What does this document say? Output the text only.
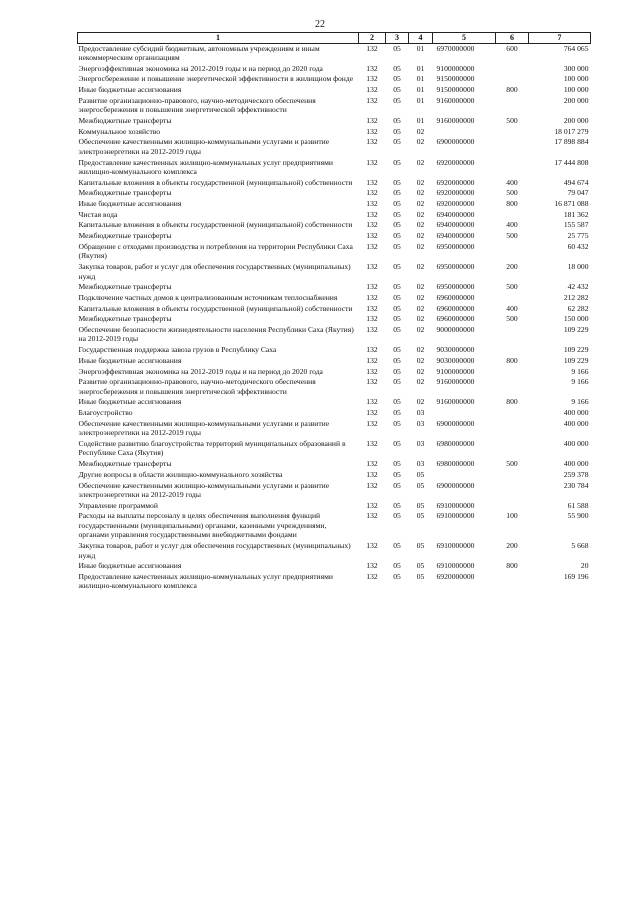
22
1	2	3	4	5	6	7
Предоставление субсидий бюджетным, автономным учреждениям и иным некоммерческим организациям	132	05	01	6970000000	600	764 065
Энергоэффективная экономика на 2012-2019 годы и на период до 2020 года	132	05	01	9100000000		300 000
Энергосбережение и повышение энергетической эффективности в жилищном фонде	132	05	01	9150000000		100 000
Иные бюджетные ассигнования	132	05	01	9150000000	800	100 000
Развитие организационно-правового, научно-методического обеспечения энергосбережения и повышения энергетической эффективности	132	05	01	9160000000		200 000
Межбюджетные трансферты	132	05	01	9160000000	500	200 000
Коммунальное хозяйство	132	05	02			18 017 279
Обеспечение качественными жилищно-коммунальными услугами и развитие электроэнергетики на 2012-2019 годы	132	05	02	6900000000		17 898 884
Предоставление качественных жилищно-коммунальных услуг предприятиями жилищно-коммунального комплекса	132	05	02	6920000000		17 444 808
Капитальные вложения в объекты государственной (муниципальной) собственности	132	05	02	6920000000	400	494 674
Межбюджетные трансферты	132	05	02	6920000000	500	79 047
Иные бюджетные ассигнования	132	05	02	6920000000	800	16 871 088
Чистая вода	132	05	02	6940000000		181 362
Капитальные вложения в объекты государственной (муниципальной) собственности	132	05	02	6940000000	400	155 587
Межбюджетные трансферты	132	05	02	6940000000	500	25 775
Обращение с отходами производства и потребления на территории Республики Саха (Якутия)	132	05	02	6950000000		60 432
Закупка товаров, работ и услуг для обеспечения государственных (муниципальных) нужд	132	05	02	6950000000	200	18 000
Межбюджетные трансферты	132	05	02	6950000000	500	42 432
Подключение частных домов к централизованным источникам теплоснабжения	132	05	02	6960000000		212 282
Капитальные вложения в объекты государственной (муниципальной) собственности	132	05	02	6960000000	400	62 282
Межбюджетные трансферты	132	05	02	6960000000	500	150 000
Обеспечение безопасности жизнедеятельности населения Республики Саха (Якутия) на 2012-2019 годы	132	05	02	9000000000		109 229
Государственная поддержка завоза грузов в Республику Саха	132	05	02	9030000000		109 229
Иные бюджетные ассигнования	132	05	02	9030000000	800	109 229
Энергоэффективная экономика на 2012-2019 годы и на период до 2020 года	132	05	02	9100000000		9 166
Развитие организационно-правового, научно-методического обеспечения энергосбережения и повышения энергетической эффективности	132	05	02	9160000000		9 166
Иные бюджетные ассигнования	132	05	02	9160000000	800	9 166
Благоустройство	132	05	03			400 000
Обеспечение качественными жилищно-коммунальными услугами и развитие электроэнергетики на 2012-2019 годы	132	05	03	6900000000		400 000
Содействие развитию благоустройства территорий муниципальных образований в Республике Саха (Якутия)	132	05	03	6980000000		400 000
Межбюджетные трансферты	132	05	03	6980000000	500	400 000
Другие вопросы в области жилищно-коммунального хозяйства	132	05	05			259 378
Обеспечение качественными жилищно-коммунальными услугами и развитие электроэнергетики на 2012-2019 годы	132	05	05	6900000000		230 784
Управление программой	132	05	05	6910000000		61 588
Расходы на выплаты персоналу в целях обеспечения выполнения функций государственными (муниципальными) органами, казенными учреждениями, органами управления государственными внебюджетными фондами	132	05	05	6910000000	100	55 900
Закупка товаров, работ и услуг для обеспечения государственных (муниципальных) нужд	132	05	05	6910000000	200	5 668
Иные бюджетные ассигнования	132	05	05	6910000000	800	20
Предоставление качественных жилищно-коммунальных услуг предприятиями жилищно-коммунального комплекса	132	05	05	6920000000		169 196
